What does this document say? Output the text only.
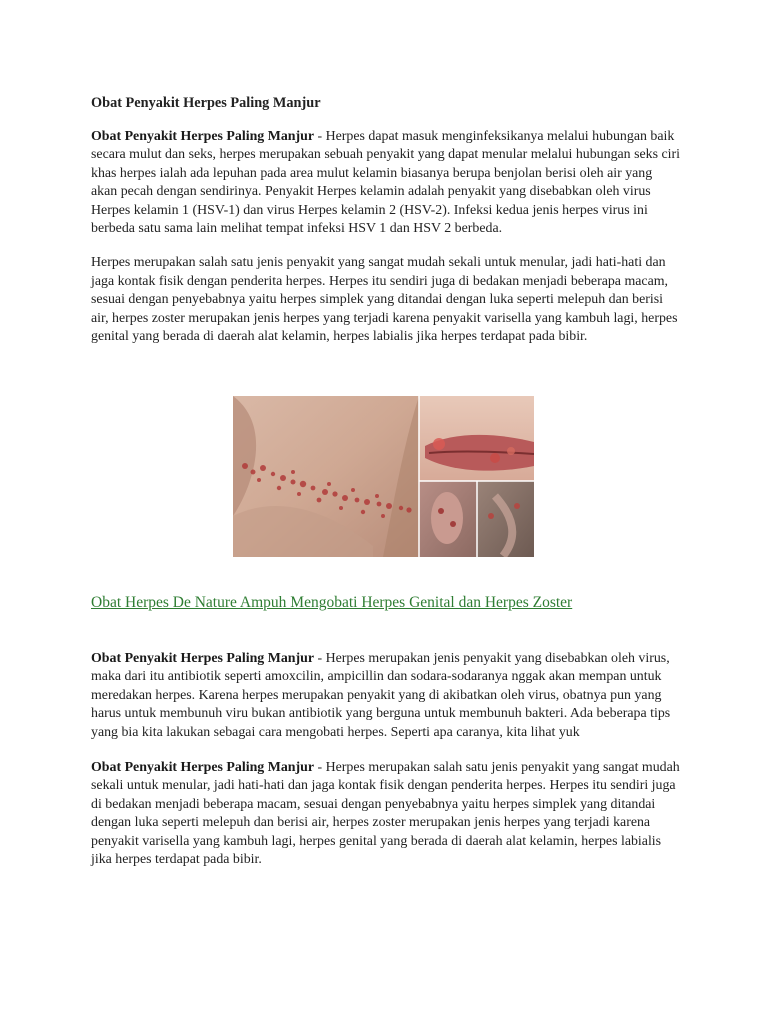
Obat Penyakit Herpes Paling Manjur

Obat Penyakit Herpes Paling Manjur - Herpes dapat masuk menginfeksikanya melalui hubungan baik secara mulut dan seks, herpes merupakan sebuah penyakit yang dapat menular melalui hubungan seks ciri khas herpes ialah ada lepuhan pada area mulut kelamin biasanya berupa benjolan berisi oleh air yang akan pecah dengan sendirinya. Penyakit Herpes kelamin adalah penyakit yang disebabkan oleh virus Herpes kelamin 1 (HSV-1) dan virus Herpes kelamin 2 (HSV-2). Infeksi kedua jenis herpes virus ini berbeda satu sama lain melihat tempat infeksi HSV 1 dan HSV 2 berbeda.

Herpes merupakan salah satu jenis penyakit yang sangat mudah sekali untuk menular, jadi hati-hati dan jaga kontak fisik dengan penderita herpes. Herpes itu sendiri juga di bedakan menjadi beberapa macam, sesuai dengan penyebabnya yaitu herpes simplek yang ditandai dengan luka seperti melepuh dan berisi air, herpes zoster merupakan jenis herpes yang terjadi karena penyakit varisella yang kambuh lagi, herpes genital yang berada di daerah alat kelamin, herpes labialis jika herpes terdapat pada bibir.

Obat Herpes De Nature Ampuh Mengobati Herpes Genital dan Herpes Zoster

Obat Penyakit Herpes Paling Manjur - Herpes merupakan jenis penyakit yang disebabkan oleh virus, maka dari itu antibiotik seperti amoxcilin, ampicillin dan sodara-sodaranya nggak akan mempan untuk meredakan herpes. Karena herpes merupakan penyakit yang di akibatkan oleh virus, obatnya pun yang harus untuk membunuh viru bukan antibiotik yang berguna untuk membunuh bakteri. Ada beberapa tips yang bia kita lakukan sebagai cara mengobati herpes. Seperti apa caranya, kita lihat yuk

Obat Penyakit Herpes Paling Manjur - Herpes merupakan salah satu jenis penyakit yang sangat mudah sekali untuk menular, jadi hati-hati dan jaga kontak fisik dengan penderita herpes. Herpes itu sendiri juga di bedakan menjadi beberapa macam, sesuai dengan penyebabnya yaitu herpes simplek yang ditandai dengan luka seperti melepuh dan berisi air, herpes zoster merupakan jenis herpes yang terjadi karena penyakit varisella yang kambuh lagi, herpes genital yang berada di daerah alat kelamin, herpes labialis jika herpes terdapat pada bibir.
